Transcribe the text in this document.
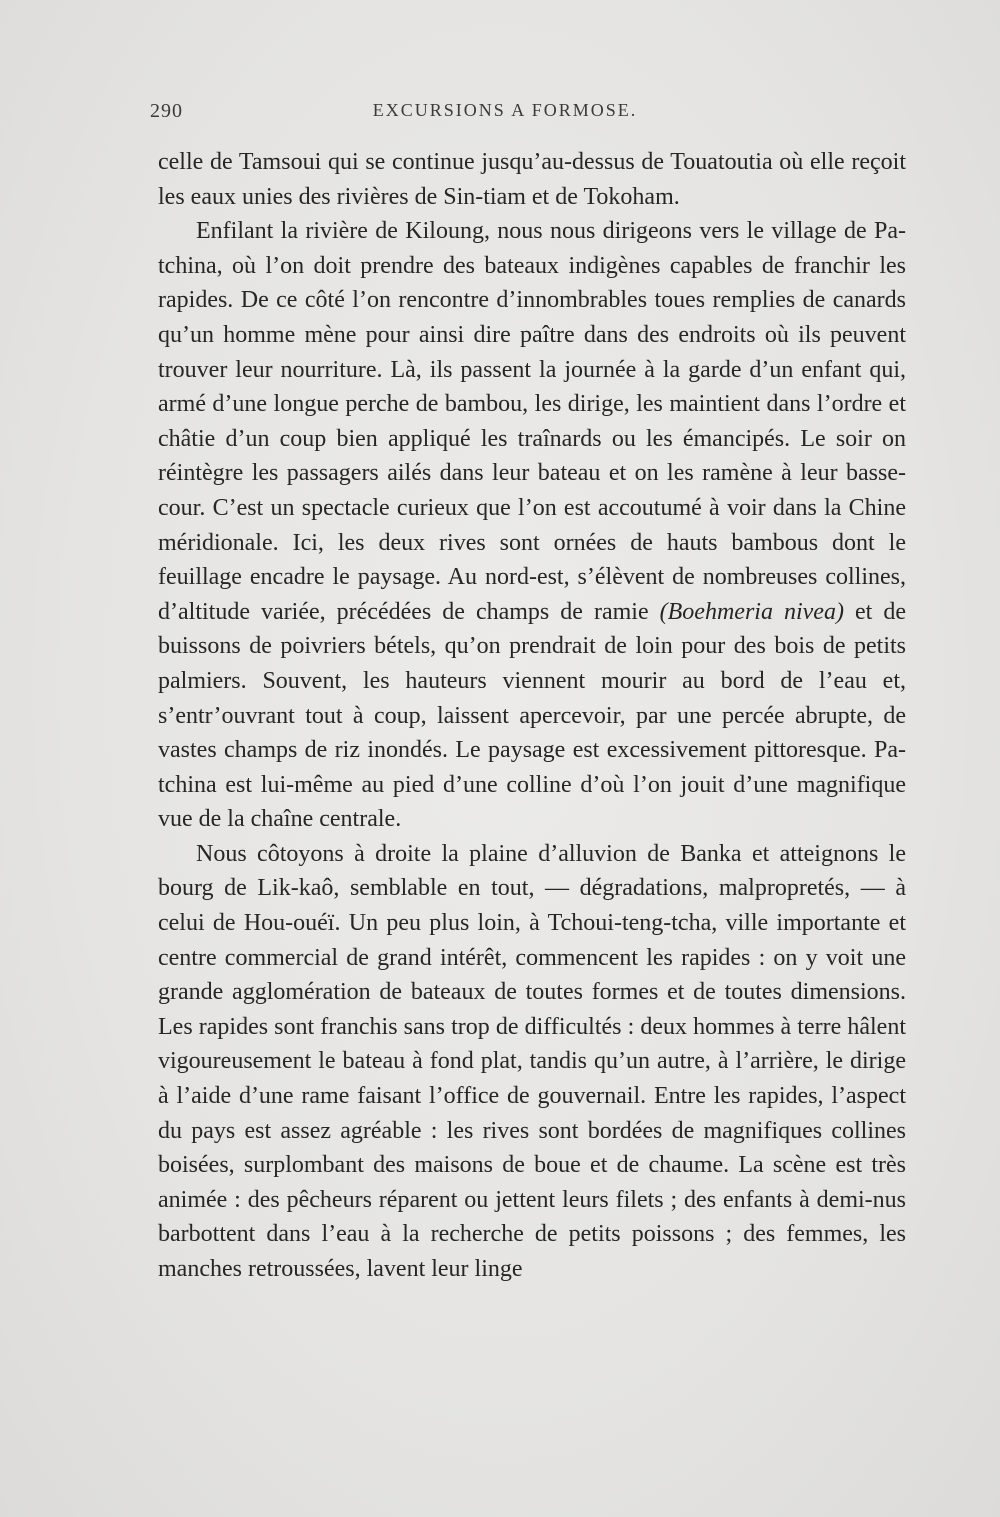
290	EXCURSIONS A FORMOSE.

celle de Tamsoui qui se continue jusqu’au-dessus de Touatoutia où elle reçoit les eaux unies des rivières de Sin-tiam et de Tokoham.

Enfilant la rivière de Kiloung, nous nous dirigeons vers le village de Pa-tchina, où l’on doit prendre des bateaux indigènes capables de franchir les rapides. De ce côté l’on rencontre d’innombrables toues remplies de canards qu’un homme mène pour ainsi dire paître dans des endroits où ils peuvent trouver leur nourriture. Là, ils passent la journée à la garde d’un enfant qui, armé d’une longue perche de bambou, les dirige, les maintient dans l’ordre et châtie d’un coup bien appliqué les traînards ou les émancipés. Le soir on réintègre les passagers ailés dans leur bateau et on les ramène à leur basse-cour. C’est un spectacle curieux que l’on est accoutumé à voir dans la Chine méridionale. Ici, les deux rives sont ornées de hauts bambous dont le feuillage encadre le paysage. Au nord-est, s’élèvent de nombreuses collines, d’altitude variée, précédées de champs de ramie (Boehmeria nivea) et de buissons de poivriers bétels, qu’on prendrait de loin pour des bois de petits palmiers. Souvent, les hauteurs viennent mourir au bord de l’eau et, s’entr’ouvrant tout à coup, laissent apercevoir, par une percée abrupte, de vastes champs de riz inondés. Le paysage est excessivement pittoresque. Pa-tchina est lui-même au pied d’une colline d’où l’on jouit d’une magnifique vue de la chaîne centrale.

Nous côtoyons à droite la plaine d’alluvion de Banka et atteignons le bourg de Lik-kaô, semblable en tout, — dégradations, malpropretés, — à celui de Hou-ouéï. Un peu plus loin, à Tchoui-teng-tcha, ville importante et centre commercial de grand intérêt, commencent les rapides : on y voit une grande agglomération de bateaux de toutes formes et de toutes dimensions. Les rapides sont franchis sans trop de difficultés : deux hommes à terre hâlent vigoureusement le bateau à fond plat, tandis qu’un autre, à l’arrière, le dirige à l’aide d’une rame faisant l’office de gouvernail. Entre les rapides, l’aspect du pays est assez agréable : les rives sont bordées de magnifiques collines boisées, surplombant des maisons de boue et de chaume. La scène est très animée : des pêcheurs réparent ou jettent leurs filets ; des enfants à demi-nus barbottent dans l’eau à la recherche de petits poissons ; des femmes, les manches retroussées, lavent leur linge
